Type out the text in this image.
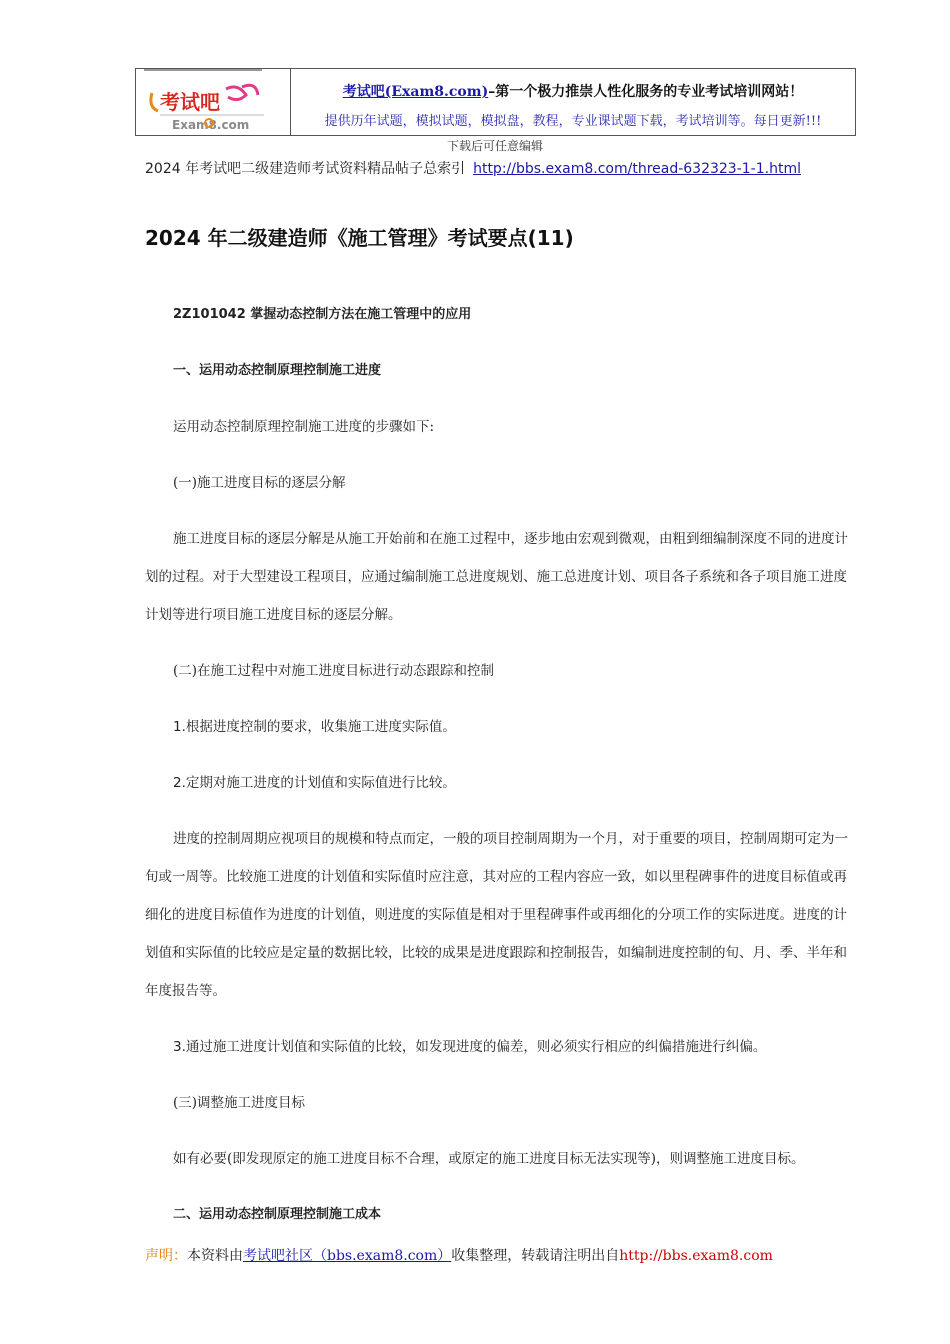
考试吧
Exam8.com
考试吧(Exam8.com)–第一个极力推崇人性化服务的专业考试培训网站！
提供历年试题，模拟试题，模拟盘，教程，专业课试题下载，考试培训等。每日更新!!!
下载后可任意编辑
2024 年考试吧二级建造师考试资料精品帖子总索引 http://bbs.exam8.com/thread-632323-1-1.html
2024 年二级建造师《施工管理》考试要点(11)

2Z101042 掌握动态控制方法在施工管理中的应用

一、运用动态控制原理控制施工进度

运用动态控制原理控制施工进度的步骤如下:

(一)施工进度目标的逐层分解

施工进度目标的逐层分解是从施工开始前和在施工过程中，逐步地由宏观到微观，由粗到细编制深度不同的进度计划的过程。对于大型建设工程项目，应通过编制施工总进度规划、施工总进度计划、项目各子系统和各子项目施工进度计划等进行项目施工进度目标的逐层分解。

(二)在施工过程中对施工进度目标进行动态跟踪和控制

1.根据进度控制的要求，收集施工进度实际值。

2.定期对施工进度的计划值和实际值进行比较。

进度的控制周期应视项目的规模和特点而定，一般的项目控制周期为一个月，对于重要的项目，控制周期可定为一旬或一周等。比较施工进度的计划值和实际值时应注意，其对应的工程内容应一致，如以里程碑事件的进度目标值或再细化的进度目标值作为进度的计划值，则进度的实际值是相对于里程碑事件或再细化的分项工作的实际进度。进度的计划值和实际值的比较应是定量的数据比较，比较的成果是进度跟踪和控制报告，如编制进度控制的旬、月、季、半年和年度报告等。

3.通过施工进度计划值和实际值的比较，如发现进度的偏差，则必须实行相应的纠偏措施进行纠偏。

(三)调整施工进度目标

如有必要(即发现原定的施工进度目标不合理，或原定的施工进度目标无法实现等)，则调整施工进度目标。

二、运用动态控制原理控制施工成本

声明：本资料由考试吧社区（bbs.exam8.com）收集整理，转载请注明出自http://bbs.exam8.com
